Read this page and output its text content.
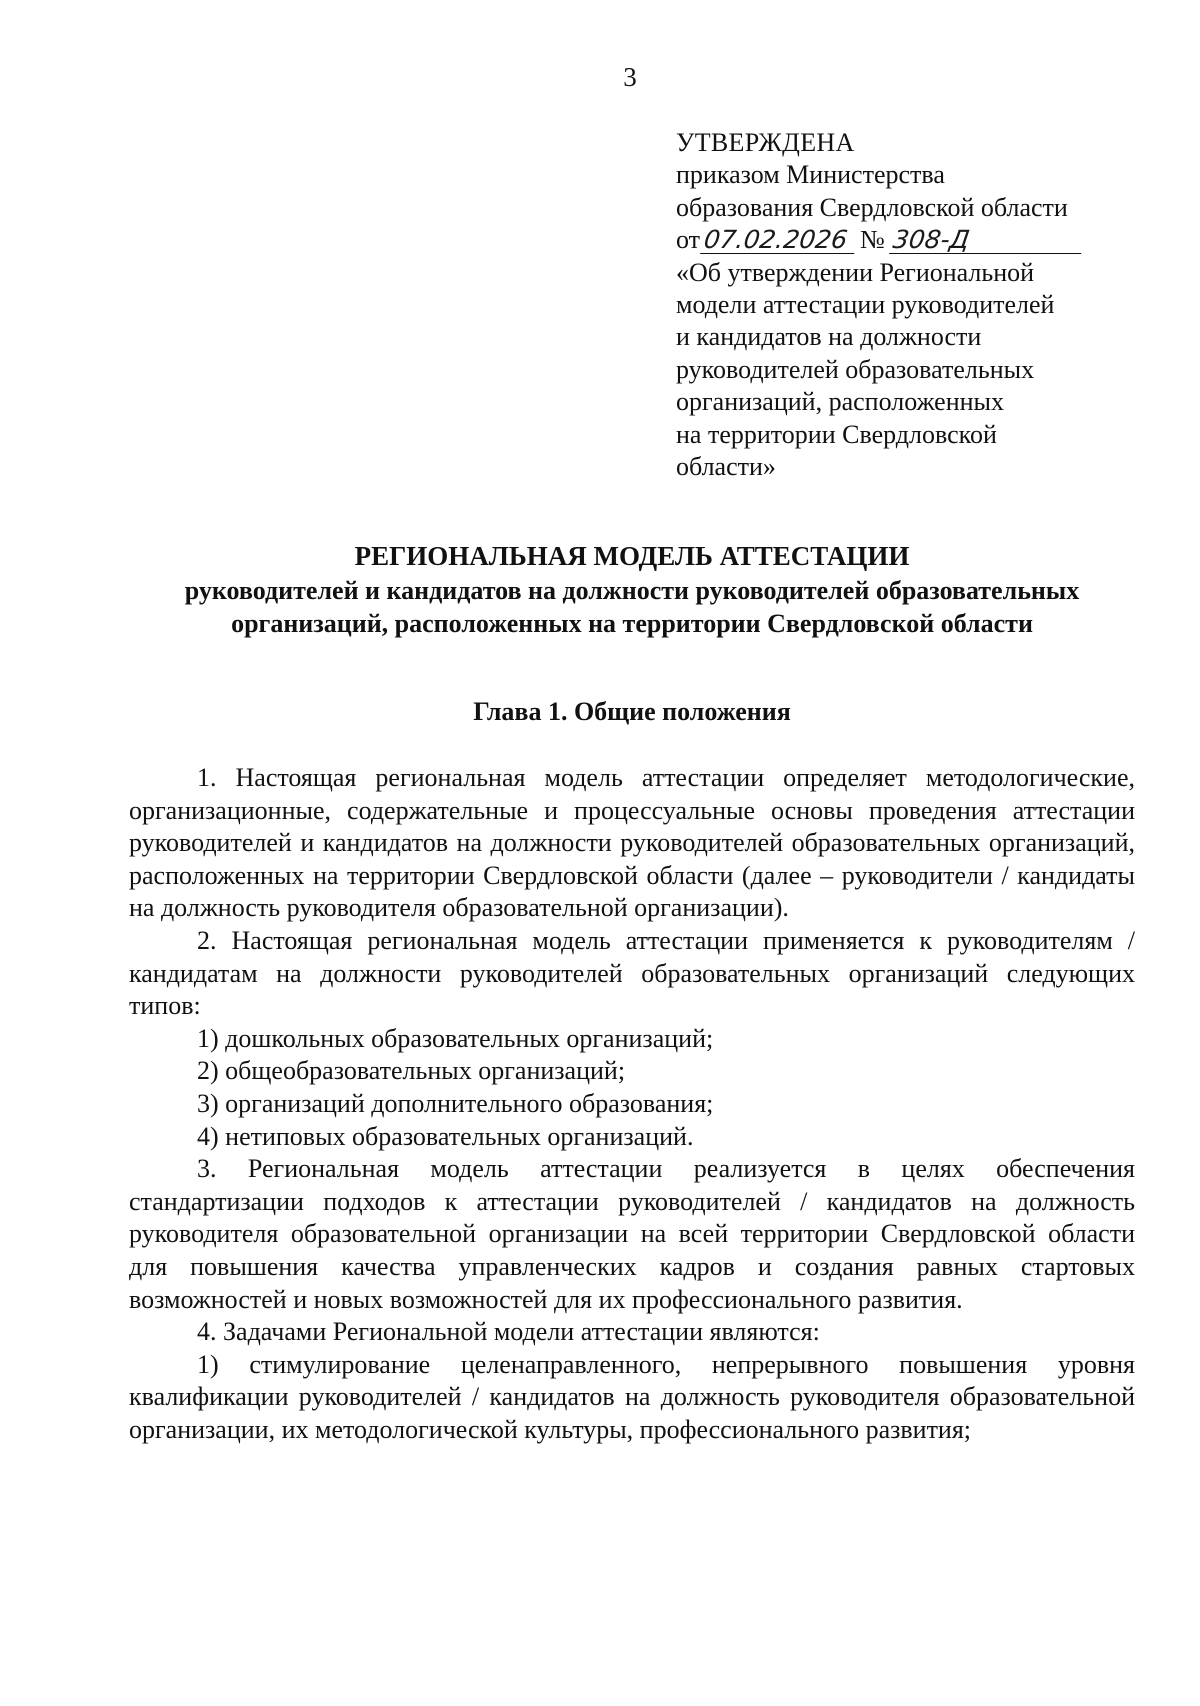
3
УТВЕРЖДЕНА
приказом Министерства
образования Свердловской области
от 07.02.2026 № 308-Д
«Об утверждении Региональной
модели аттестации руководителей
и кандидатов на должности
руководителей образовательных
организаций, расположенных
на территории Свердловской
области»
РЕГИОНАЛЬНАЯ МОДЕЛЬ АТТЕСТАЦИИ
руководителей и кандидатов на должности руководителей образовательных
организаций, расположенных на территории Свердловской области
Глава 1. Общие положения

1. Настоящая региональная модель аттестации определяет методологические, организационные, содержательные и процессуальные основы проведения аттестации руководителей и кандидатов на должности руководителей образовательных организаций, расположенных на территории Свердловской области (далее – руководители / кандидаты на должность руководителя образовательной организации).

2. Настоящая региональная модель аттестации применяется к руководителям / кандидатам на должности руководителей образовательных организаций следующих типов:

1) дошкольных образовательных организаций;

2) общеобразовательных организаций;

3) организаций дополнительного образования;

4) нетиповых образовательных организаций.

3. Региональная модель аттестации реализуется в целях обеспечения стандартизации подходов к аттестации руководителей / кандидатов на должность руководителя образовательной организации на всей территории Свердловской области для повышения качества управленческих кадров и создания равных стартовых возможностей и новых возможностей для их профессионального развития.

4. Задачами Региональной модели аттестации являются:

1) стимулирование целенаправленного, непрерывного повышения уровня квалификации руководителей / кандидатов на должность руководителя образовательной организации, их методологической культуры, профессионального развития;
